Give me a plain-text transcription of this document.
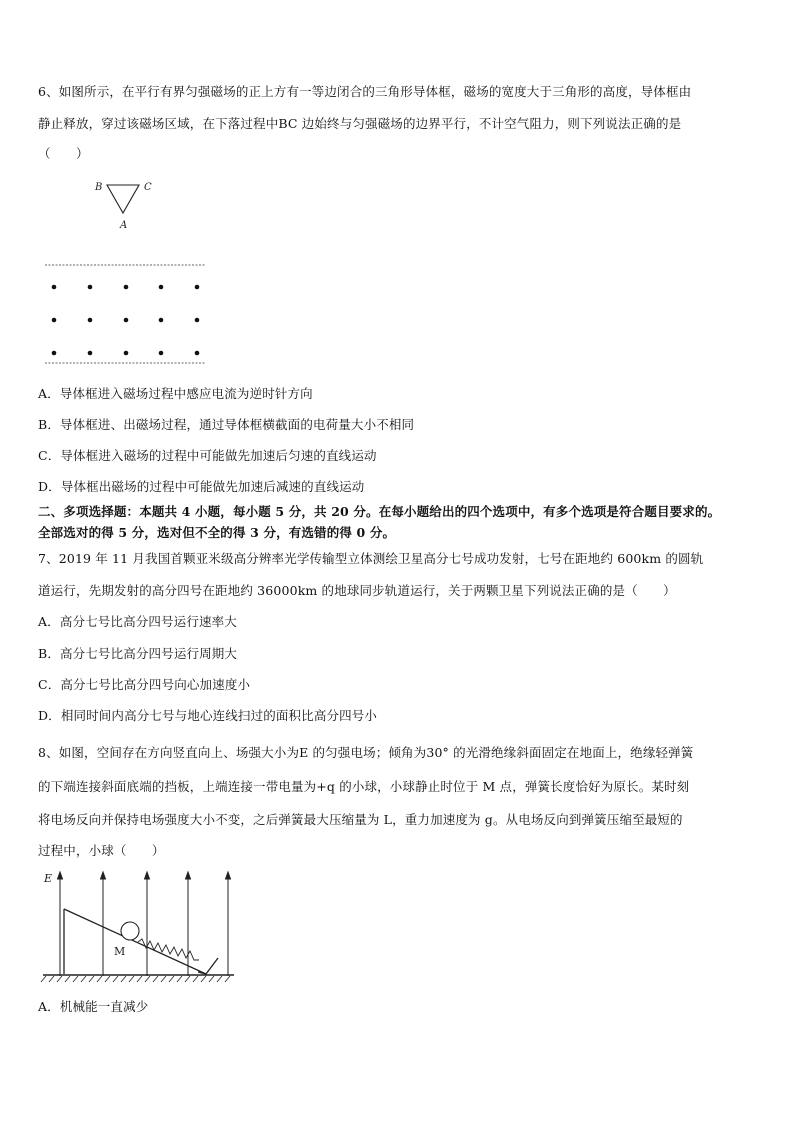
6、如图所示，在平行有界匀强磁场的正上方有一等边闭合的三角形导体框，磁场的宽度大于三角形的高度，导体框由
静止释放，穿过该磁场区域，在下落过程中BC 边始终与匀强磁场的边界平行，不计空气阻力，则下列说法正确的是
（　　）
B	C
A
A．导体框进入磁场过程中感应电流为逆时针方向
B．导体框进、出磁场过程，通过导体框横截面的电荷量大小不相同
C．导体框进入磁场的过程中可能做先加速后匀速的直线运动
D．导体框出磁场的过程中可能做先加速后减速的直线运动
二、多项选择题：本题共 4 小题，每小题 5 分，共 20 分。在每小题给出的四个选项中，有多个选项是符合题目要求的。
全部选对的得 5 分，选对但不全的得 3 分，有选错的得 0 分。
7、2019 年 11 月我国首颗亚米级高分辨率光学传输型立体测绘卫星高分七号成功发射，七号在距地约 600km 的圆轨
道运行，先期发射的高分四号在距地约 36000km 的地球同步轨道运行，关于两颗卫星下列说法正确的是（　　）
A．高分七号比高分四号运行速率大
B．高分七号比高分四号运行周期大
C．高分七号比高分四号向心加速度小
D．相同时间内高分七号与地心连线扫过的面积比高分四号小
8、如图，空间存在方向竖直向上、场强大小为E 的匀强电场；倾角为30° 的光滑绝缘斜面固定在地面上，绝缘轻弹簧
的下端连接斜面底端的挡板，上端连接一带电量为+q 的小球，小球静止时位于 M 点，弹簧长度恰好为原长。某时刻
将电场反向并保持电场强度大小不变，之后弹簧最大压缩量为 L，重力加速度为 g。从电场反向到弹簧压缩至最短的
过程中，小球（　　）
E
M
A．机械能一直减少
